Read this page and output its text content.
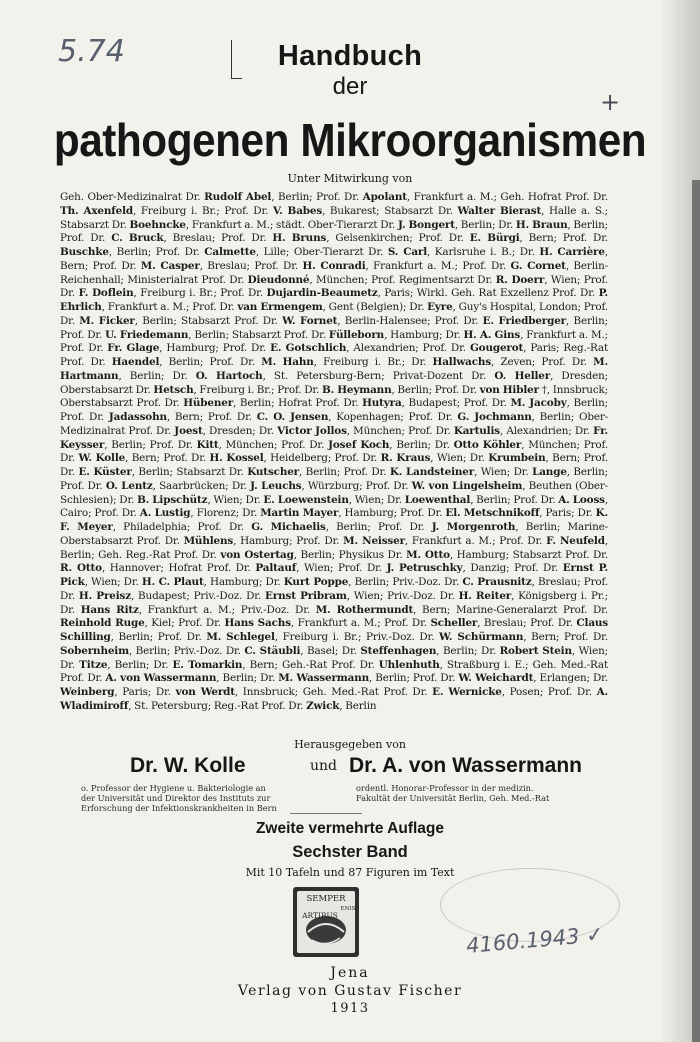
5.74
+
Handbuch
der
pathogenen Mikroorganismen
Unter Mitwirkung von
Geh. Ober-Medizinalrat Dr. Rudolf Abel, Berlin; Prof. Dr. Apolant, Frankfurt a. M.; Geh. Hofrat Prof. Dr. Th. Axenfeld, Freiburg i. Br.; Prof. Dr. V. Babes, Bukarest; Stabsarzt Dr. Walter Bierast, Halle a. S.; Stabsarzt Dr. Boehncke, Frankfurt a. M.; städt. Ober-Tierarzt Dr. J. Bongert, Berlin; Dr. H. Braun, Berlin; Prof. Dr. C. Bruck, Breslau; Prof. Dr. H. Bruns, Gelsenkirchen; Prof. Dr. E. Bürgi, Bern; Prof. Dr. Buschke, Berlin; Prof. Dr. Calmette, Lille; Ober-Tierarzt Dr. S. Carl, Karlsruhe i. B.; Dr. H. Carrière, Bern; Prof. Dr. M. Casper, Breslau; Prof. Dr. H. Conradi, Frankfurt a. M.; Prof. Dr. G. Cornet, Berlin-Reichenhall; Ministerialrat Prof. Dr. Dieudonné, München; Prof. Regimentsarzt Dr. R. Doerr, Wien; Prof. Dr. F. Doflein, Freiburg i. Br.; Prof. Dr. Dujardin-Beaumetz, Paris; Wirkl. Geh. Rat Exzellenz Prof. Dr. P. Ehrlich, Frankfurt a. M.; Prof. Dr. van Ermengem, Gent (Belgien); Dr. Eyre, Guy's Hospital, London; Prof. Dr. M. Ficker, Berlin; Stabsarzt Prof. Dr. W. Fornet, Berlin-Halensee; Prof. Dr. E. Friedberger, Berlin; Prof. Dr. U. Friedemann, Berlin; Stabsarzt Prof. Dr. Fülleborn, Hamburg; Dr. H. A. Gins, Frankfurt a. M.; Prof. Dr. Fr. Glage, Hamburg; Prof. Dr. E. Gotschlich, Alexandrien; Prof. Dr. Gougerot, Paris; Reg.-Rat Prof. Dr. Haendel, Berlin; Prof. Dr. M. Hahn, Freiburg i. Br.; Dr. Hallwachs, Zeven; Prof. Dr. M. Hartmann, Berlin; Dr. O. Hartoch, St. Petersburg-Bern; Privat-Dozent Dr. O. Heller, Dresden; Oberstabsarzt Dr. Hetsch, Freiburg i. Br.; Prof. Dr. B. Heymann, Berlin; Prof. Dr. von Hibler †, Innsbruck; Oberstabsarzt Prof. Dr. Hübener, Berlin; Hofrat Prof. Dr. Hutyra, Budapest; Prof. Dr. M. Jacoby, Berlin; Prof. Dr. Jadassohn, Bern; Prof. Dr. C. O. Jensen, Kopenhagen; Prof. Dr. G. Jochmann, Berlin; Ober-Medizinalrat Prof. Dr. Joest, Dresden; Dr. Victor Jollos, München; Prof. Dr. Kartulis, Alexandrien; Dr. Fr. Keysser, Berlin; Prof. Dr. Kitt, München; Prof. Dr. Josef Koch, Berlin; Dr. Otto Köhler, München; Prof. Dr. W. Kolle, Bern; Prof. Dr. H. Kossel, Heidelberg; Prof. Dr. R. Kraus, Wien; Dr. Krumbein, Bern; Prof. Dr. E. Küster, Berlin; Stabsarzt Dr. Kutscher, Berlin; Prof. Dr. K. Landsteiner, Wien; Dr. Lange, Berlin; Prof. Dr. O. Lentz, Saarbrücken; Dr. J. Leuchs, Würzburg; Prof. Dr. W. von Lingelsheim, Beuthen (Ober-Schlesien); Dr. B. Lipschütz, Wien; Dr. E. Loewenstein, Wien; Dr. Loewenthal, Berlin; Prof. Dr. A. Looss, Cairo; Prof. Dr. A. Lustig, Florenz; Dr. Martin Mayer, Hamburg; Prof. Dr. El. Metschnikoff, Paris; Dr. K. F. Meyer, Philadelphia; Prof. Dr. G. Michaelis, Berlin; Prof. Dr. J. Morgenroth, Berlin; Marine-Oberstabsarzt Prof. Dr. Mühlens, Hamburg; Prof. Dr. M. Neisser, Frankfurt a. M.; Prof. Dr. F. Neufeld, Berlin; Geh. Reg.-Rat Prof. Dr. von Ostertag, Berlin; Physikus Dr. M. Otto, Hamburg; Stabsarzt Prof. Dr. R. Otto, Hannover; Hofrat Prof. Dr. Paltauf, Wien; Prof. Dr. J. Petruschky, Danzig; Prof. Dr. Ernst P. Pick, Wien; Dr. H. C. Plaut, Hamburg; Dr. Kurt Poppe, Berlin; Priv.-Doz. Dr. C. Prausnitz, Breslau; Prof. Dr. H. Preisz, Budapest; Priv.-Doz. Dr. Ernst Pribram, Wien; Priv.-Doz. Dr. H. Reiter, Königsberg i. Pr.; Dr. Hans Ritz, Frankfurt a. M.; Priv.-Doz. Dr. M. Rothermundt, Bern; Marine-Generalarzt Prof. Dr. Reinhold Ruge, Kiel; Prof. Dr. Hans Sachs, Frankfurt a. M.; Prof. Dr. Scheller, Breslau; Prof. Dr. Claus Schilling, Berlin; Prof. Dr. M. Schlegel, Freiburg i. Br.; Priv.-Doz. Dr. W. Schürmann, Bern; Prof. Dr. Sobernheim, Berlin; Priv.-Doz. Dr. C. Stäubli, Basel; Dr. Steffenhagen, Berlin; Dr. Robert Stein, Wien; Dr. Titze, Berlin; Dr. E. Tomarkin, Bern; Geh.-Rat Prof. Dr. Uhlenhuth, Straßburg i. E.; Geh. Med.-Rat Prof. Dr. A. von Wassermann, Berlin; Dr. M. Wassermann, Berlin; Prof. Dr. W. Weichardt, Erlangen; Dr. Weinberg, Paris; Dr. von Werdt, Innsbruck; Geh. Med.-Rat Prof. Dr. E. Wernicke, Posen; Prof. Dr. A. Wladimiroff, St. Petersburg; Reg.-Rat Prof. Dr. Zwick, Berlin
Herausgegeben von
Dr. W. Kolle	und Dr. A. von Wassermann
o. Professor der Hygiene u. Bakteriologie an
der Universität und Direktor des Instituts zur
Erforschung der Infektionskrankheiten in Bern
ordentl. Honorar-Professor in der medizin.
Fakultät der Universität Berlin, Geh. Med.-Rat
Zweite vermehrte Auflage
Sechster Band
Mit 10 Tafeln und 87 Figuren im Text
SEMPER
ENIS
ARTIBUS
4160.1943 ✓
Jena
Verlag von Gustav Fischer
1913
